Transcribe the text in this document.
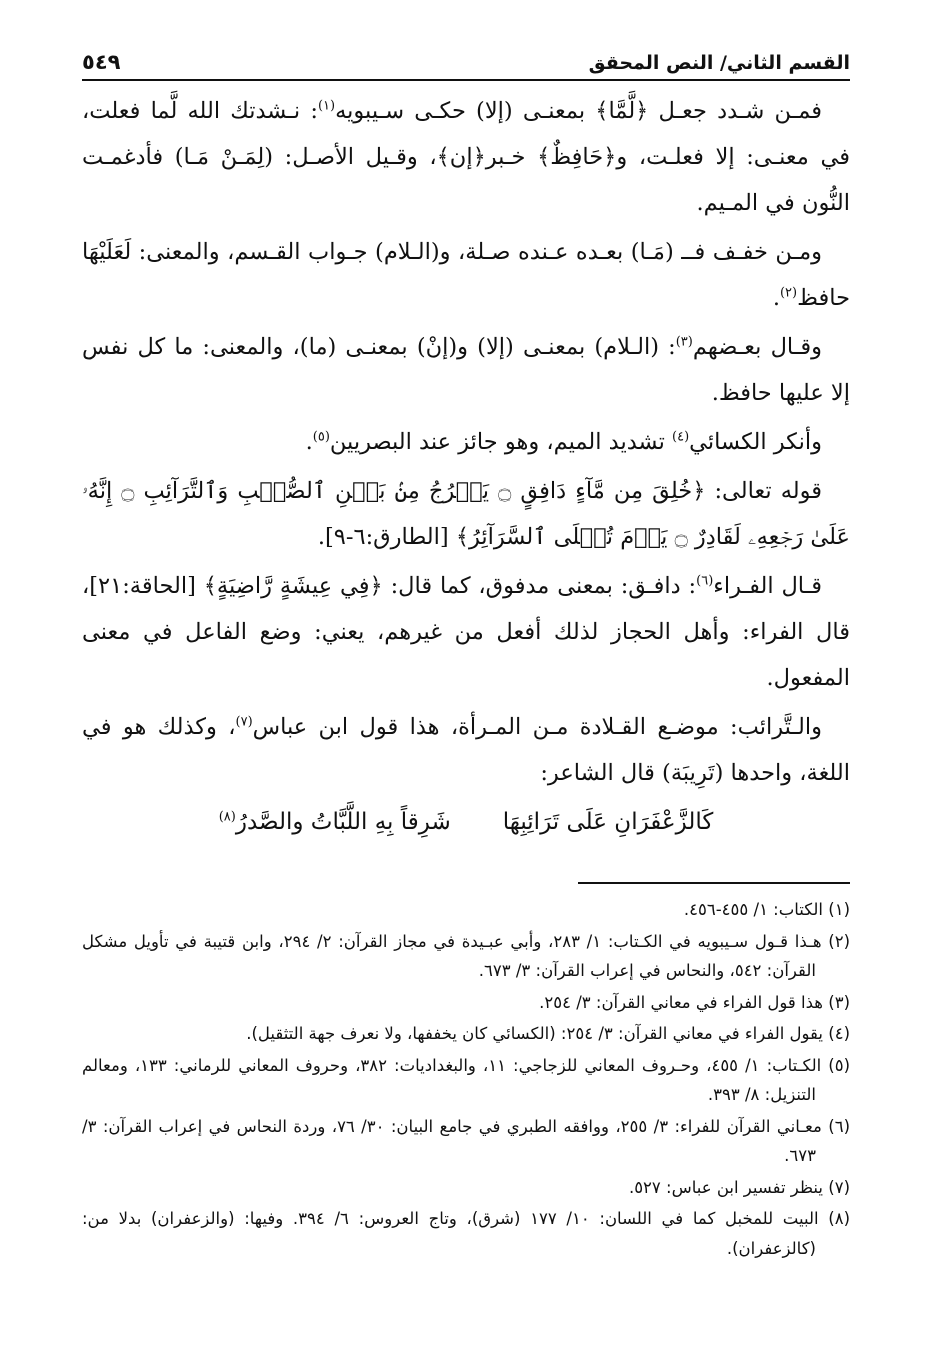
القسم الثاني/ النص المحقق
٥٤٩

فمـن شـدد جعـل ﴿لَّمَّا﴾ بمعنـى (إلا) حكـى سـيبويه$^{(١)}$: نـشدتك الله لَّما فعلت، في معنـى: إلا فعلـت، و﴿حَافِظٌ﴾ خـبر﴿إن﴾، وقـيل الأصـل: (لِمَـنْ مَـا) فأدغمـت النُّون في المـيم.

ومـن خفـف فــ (مَـا) بعـده عـنده صـلة، و(الـلام) جـواب القـسم، والمعنى: لَعَلَيْهَا حافظ$^{(٢)}$.

وقـال بعـضهم$^{(٣)}$: (الـلام) بمعنـى (إلا) و(إنْ) بمعنـى (ما)، والمعنى: ما كل نفس إلا عليها حافظ.

وأنكر الكسائي$^{(٤)}$ تشديد الميم، وهو جائز عند البصريين$^{(٥)}$.

قوله تعالى: ﴿خُلِقَ مِن مَّآءٍ دَافِقٍ ۝ يَخۡرُجُ مِنۢ بَيۡنِ ٱلصُّلۡبِ وَٱلتَّرَآئِبِ ۝ إِنَّهُۥ عَلَىٰ رَجۡعِهِۦ لَقَادِرٌ ۝ يَوۡمَ تُبۡلَى ٱلسَّرَآئِرُ﴾ [الطارق:٦-٩].

قـال الفـراء$^{(٦)}$: دافـق: بمعنى مدفوق، كما قال: ﴿فِي عِيشَةٍ رَّاضِيَةٍ﴾ [الحاقة:٢١]، قال الفراء: وأهل الحجاز لذلك أفعل من غيرهم، يعني: وضع الفاعل في معنى المفعول.

والـتَّرائب: موضـع القـلادة مـن المـرأة، هذا قول ابن عباس$^{(٧)}$، وكذلك هو في اللغة، واحدها (تَرِيبَة) قال الشاعر:

كَالزَّعْفَرَانِ عَلَى تَرَائِبِهَا
شَرِقاً بِهِ اللَّبَّاتُ والصَّدرُ$^{(٨)}$

(١) الكتاب: ١/ ٤٥٥-٤٥٦.

(٢) هـذا قـول سـيبويه في الكـتاب: ١/ ٢٨٣، وأبي عبـيدة في مجاز القرآن: ٢/ ٢٩٤، وابن قتيبة في تأويل مشكل القرآن: ٥٤٢، والنحاس في إعراب القرآن: ٣/ ٦٧٣.

(٣) هذا قول الفراء في معاني القرآن: ٣/ ٢٥٤.

(٤) يقول الفراء في معاني القرآن: ٣/ ٢٥٤: (الكسائي كان يخففها، ولا نعرف جهة التثقيل).

(٥) الكـتاب: ١/ ٤٥٥، وحـروف المعاني للزجاجي: ١١، والبغداديات: ٣٨٢، وحروف المعاني للرماني: ١٣٣، ومعالم التنزيل: ٨/ ٣٩٣.

(٦) معـاني القرآن للفراء: ٣/ ٢٥٥، ووافقه الطبري في جامع البيان: ٣٠/ ٧٦، وردة النحاس في إعراب القرآن: ٣/ ٦٧٣.

(٧) ينظر تفسير ابن عباس: ٥٢٧.

(٨) البيت للمخبل كما في اللسان: ١٠/ ١٧٧ (شرق)، وتاج العروس: ٦/ ٣٩٤. وفيها: (والزعفران) بدلا من: (كالزعفران).
